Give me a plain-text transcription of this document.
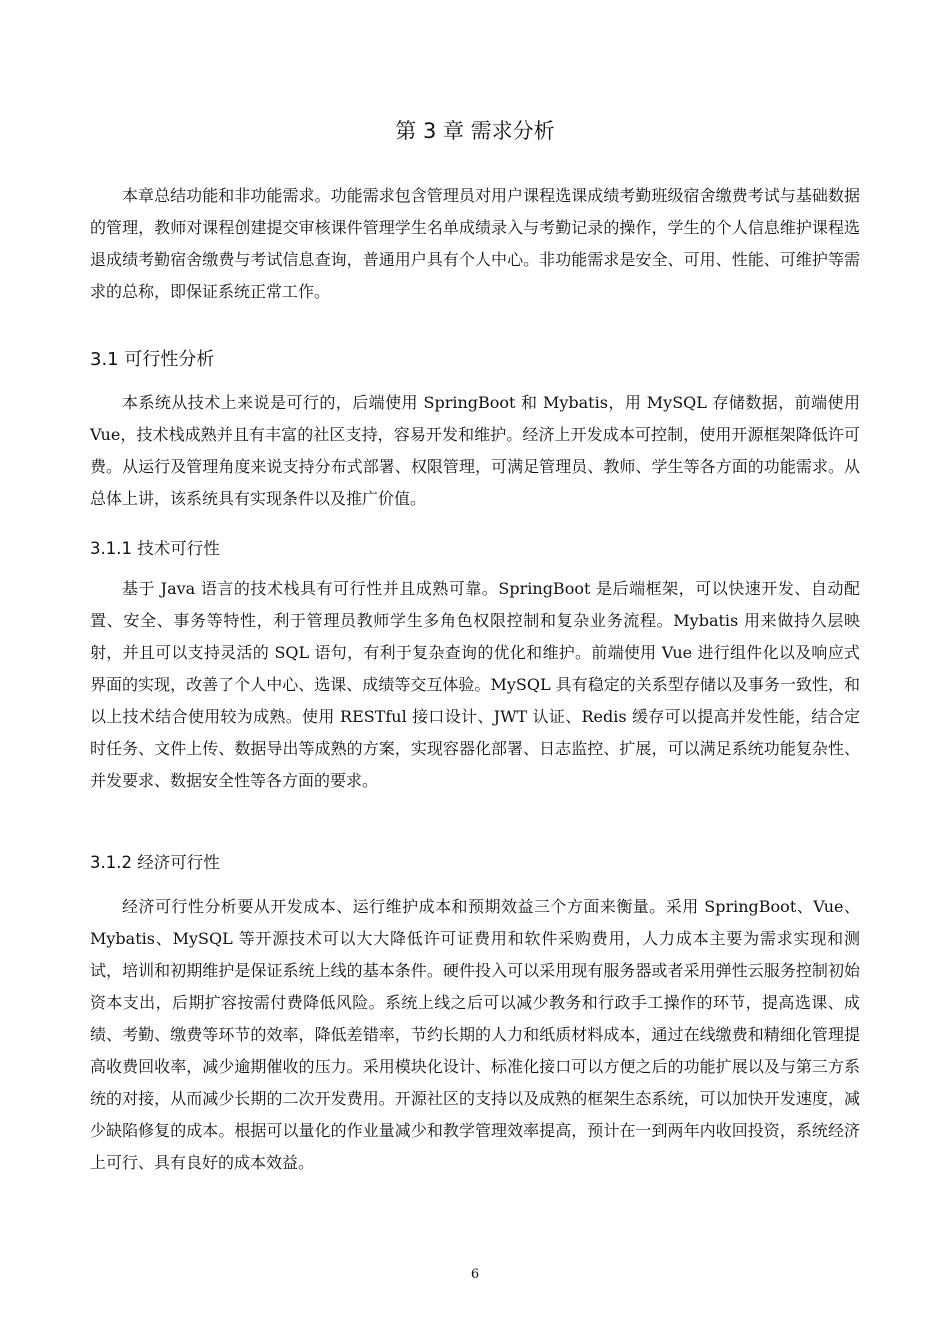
第 3 章 需求分析

本章总结功能和非功能需求。功能需求包含管理员对用户课程选课成绩考勤班级宿舍缴费考试与基础数据的管理，教师对课程创建提交审核课件管理学生名单成绩录入与考勤记录的操作，学生的个人信息维护课程选退成绩考勤宿舍缴费与考试信息查询，普通用户具有个人中心。非功能需求是安全、可用、性能、可维护等需求的总称，即保证系统正常工作。

3.1 可行性分析

本系统从技术上来说是可行的，后端使用 SpringBoot 和 Mybatis，用 MySQL 存储数据，前端使用 Vue，技术栈成熟并且有丰富的社区支持，容易开发和维护。经济上开发成本可控制，使用开源框架降低许可费。从运行及管理角度来说支持分布式部署、权限管理，可满足管理员、教师、学生等各方面的功能需求。从总体上讲，该系统具有实现条件以及推广价值。

3.1.1 技术可行性

基于 Java 语言的技术栈具有可行性并且成熟可靠。SpringBoot 是后端框架，可以快速开发、自动配置、安全、事务等特性，利于管理员教师学生多角色权限控制和复杂业务流程。Mybatis 用来做持久层映射，并且可以支持灵活的 SQL 语句，有利于复杂查询的优化和维护。前端使用 Vue 进行组件化以及响应式界面的实现，改善了个人中心、选课、成绩等交互体验。MySQL 具有稳定的关系型存储以及事务一致性，和以上技术结合使用较为成熟。使用 RESTful 接口设计、JWT 认证、Redis 缓存可以提高并发性能，结合定时任务、文件上传、数据导出等成熟的方案，实现容器化部署、日志监控、扩展，可以满足系统功能复杂性、并发要求、数据安全性等各方面的要求。

3.1.2 经济可行性

经济可行性分析要从开发成本、运行维护成本和预期效益三个方面来衡量。采用 SpringBoot、Vue、Mybatis、MySQL 等开源技术可以大大降低许可证费用和软件采购费用，人力成本主要为需求实现和测试，培训和初期维护是保证系统上线的基本条件。硬件投入可以采用现有服务器或者采用弹性云服务控制初始资本支出，后期扩容按需付费降低风险。系统上线之后可以减少教务和行政手工操作的环节，提高选课、成绩、考勤、缴费等环节的效率，降低差错率，节约长期的人力和纸质材料成本，通过在线缴费和精细化管理提高收费回收率，减少逾期催收的压力。采用模块化设计、标准化接口可以方便之后的功能扩展以及与第三方系统的对接，从而减少长期的二次开发费用。开源社区的支持以及成熟的框架生态系统，可以加快开发速度，减少缺陷修复的成本。根据可以量化的作业量减少和教学管理效率提高，预计在一到两年内收回投资，系统经济上可行、具有良好的成本效益。

6
